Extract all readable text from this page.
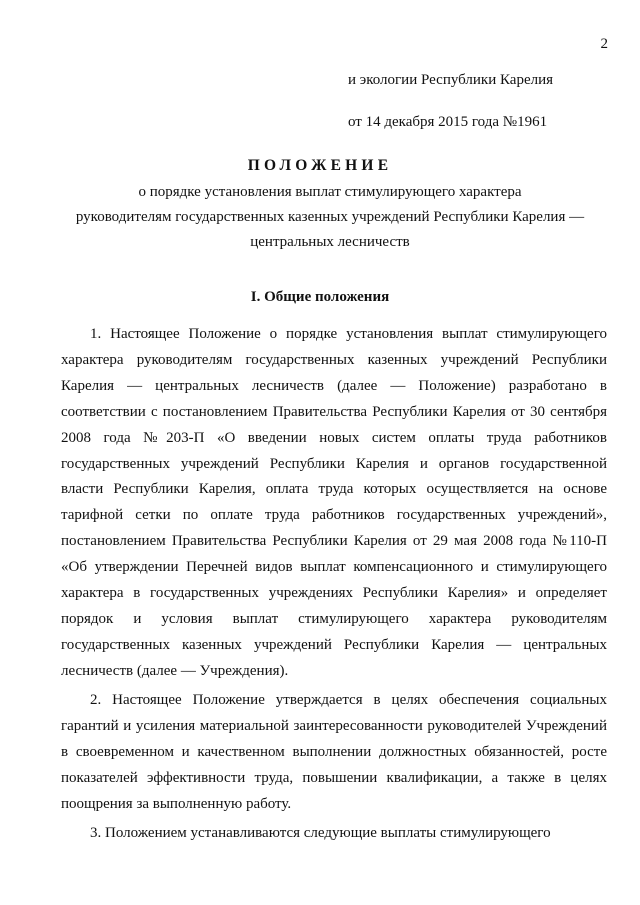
2
и экологии Республики Карелия
от 14 декабря 2015 года №1961
ПОЛОЖЕНИЕ
о порядке установления выплат стимулирующего характера
руководителям государственных казенных учреждений Республики Карелия —
центральных лесничеств
I. Общие положения

1. Настоящее Положение о порядке установления выплат стимулирующего характера руководителям государственных казенных учреждений Республики Карелия — центральных лесничеств (далее — Положение) разработано в соответствии с постановлением Правительства Республики Карелия от 30 сентября 2008 года №203-П «О введении новых систем оплаты труда работников государственных учреждений Республики Карелия и органов государственной власти Республики Карелия, оплата труда которых осуществляется на основе тарифной сетки по оплате труда работников государственных учреждений», постановлением Правительства Республики Карелия от 29 мая 2008 года №110-П «Об утверждении Перечней видов выплат компенсационного и стимулирующего характера в государственных учреждениях Республики Карелия» и определяет порядок и условия выплат стимулирующего характера руководителям государственных казенных учреждений Республики Карелия — центральных лесничеств (далее — Учреждения).

2. Настоящее Положение утверждается в целях обеспечения социальных гарантий и усиления материальной заинтересованности руководителей Учреждений в своевременном и качественном выполнении должностных обязанностей, росте показателей эффективности труда, повышении квалификации, а также в целях поощрения за выполненную работу.

3. Положением устанавливаются следующие выплаты стимулирующего
